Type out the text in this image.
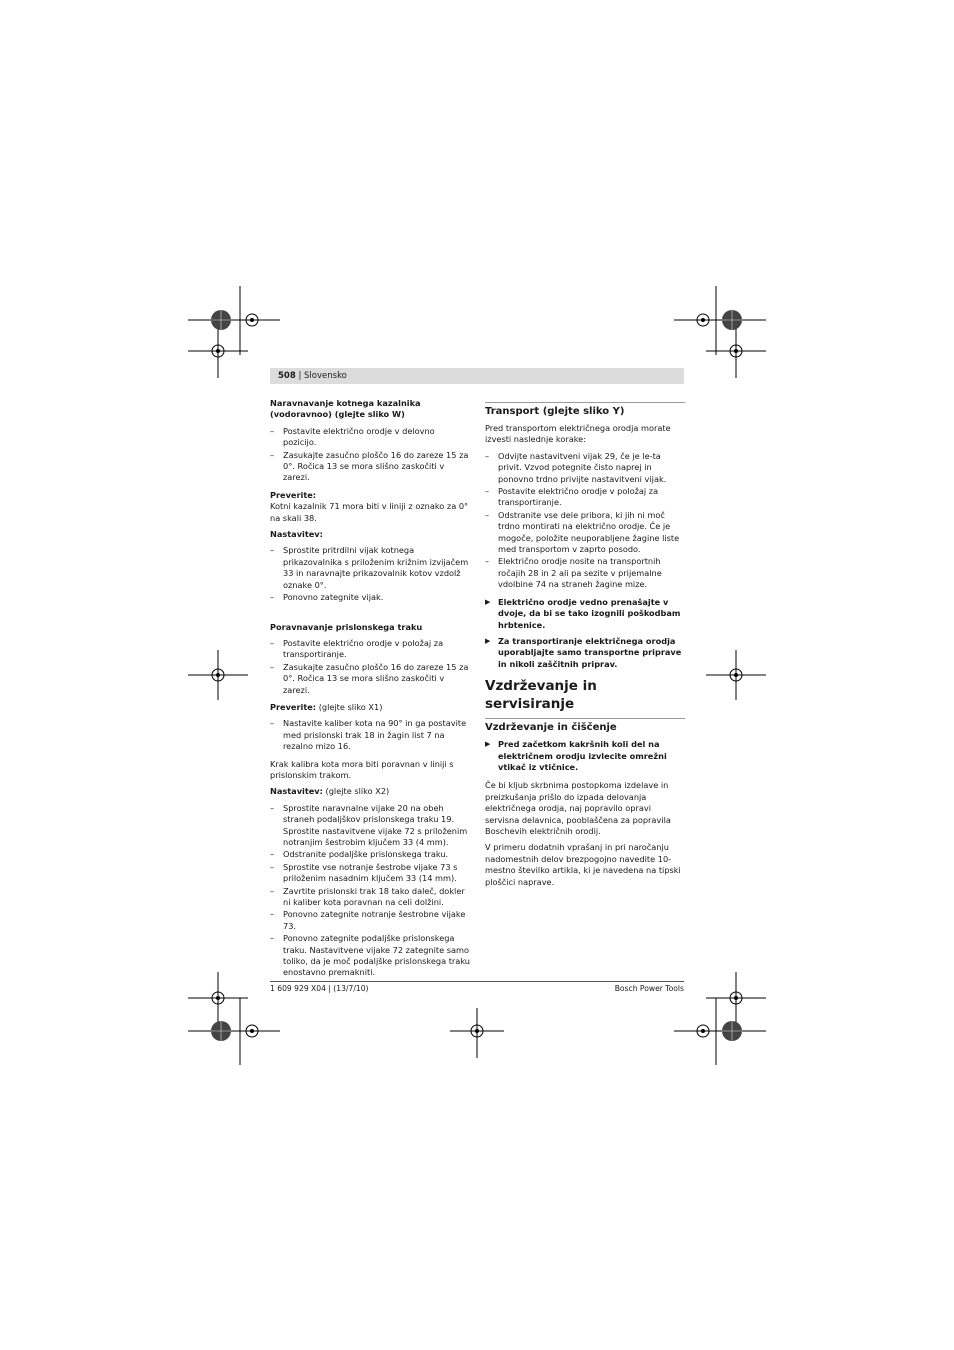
508 | Slovensko

Naravnavanje kotnega kazalnika (vodoravnoo) (glejte sliko W)

– Postavite električno orodje v delovno pozicijo.
– Zasukajte zasučno ploščo 16 do zareze 15 za 0°. Ročica 13 se mora slišno zaskočiti v zarezi.

Preverite:

Kotni kazalnik 71 mora biti v liniji z oznako za 0° na skali 38.

Nastavitev:

– Sprostite pritrdilni vijak kotnega prikazovalnika s priloženim križnim izvijačem 33 in naravnajte prikazovalnik kotov vzdolž oznake 0°.
– Ponovno zategnite vijak.

Poravnavanje prislonskega traku

– Postavite električno orodje v položaj za transportiranje.
– Zasukajte zasučno ploščo 16 do zareze 15 za 0°. Ročica 13 se mora slišno zaskočiti v zarezi.

Preverite: (glejte sliko X1)

– Nastavite kaliber kota na 90° in ga postavite med prislonski trak 18 in žagin list 7 na rezalno mizo 16.

Krak kalibra kota mora biti poravnan v liniji s prislonskim trakom.

Nastavitev: (glejte sliko X2)

– Sprostite naravnalne vijake 20 na obeh straneh podaljškov prislonskega traku 19. Sprostite nastavitvene vijake 72 s priloženim notranjim šestrobim ključem 33 (4 mm).
– Odstranite podaljške prislonskega traku.
– Sprostite vse notranje šestrobe vijake 73 s priloženim nasadnim ključem 33 (14 mm).
– Zavrtite prislonski trak 18 tako daleč, dokler ni kaliber kota poravnan na celi dolžini.
– Ponovno zategnite notranje šestrobne vijake 73.
– Ponovno zategnite podaljške prislonskega traku. Nastavitvene vijake 72 zategnite samo toliko, da je moč podaljške prislonskega traku enostavno premakniti.

Transport (glejte sliko Y)

Pred transportom električnega orodja morate izvesti naslednje korake:

– Odvijte nastavitveni vijak 29, če je le-ta privit. Vzvod potegnite čisto naprej in ponovno trdno privijte nastavitveni vijak.
– Postavite električno orodje v položaj za transportiranje.
– Odstranite vse dele pribora, ki jih ni moč trdno montirati na električno orodje. Če je mogoče, položite neuporabljene žagine liste med transportom v zaprto posodo.
– Električno orodje nosite na transportnih ročajih 28 in 2 ali pa sezite v prijemalne vdolbine 74 na straneh žagine mize.
▶ Električno orodje vedno prenašajte v dvoje, da bi se tako izognili poškodbam hrbtenice.
▶ Za transportiranje električnega orodja uporabljajte samo transportne priprave in nikoli zaščitnih priprav.

Vzdrževanje in servisiranje

Vzdrževanje in čiščenje

▶ Pred začetkom kakršnih koli del na električnem orodju izvlecite omrežni vtikač iz vtičnice.

Če bi kljub skrbnima postopkoma izdelave in preizkušanja prišlo do izpada delovanja električnega orodja, naj popravilo opravi servisna delavnica, pooblaščena za popravila Boschevih električnih orodij.

V primeru dodatnih vprašanj in pri naročanju nadomestnih delov brezpogojno navedite 10-mestno številko artikla, ki je navedena na tipski ploščici naprave.

1 609 929 X04 | (13/7/10)	Bosch Power Tools
